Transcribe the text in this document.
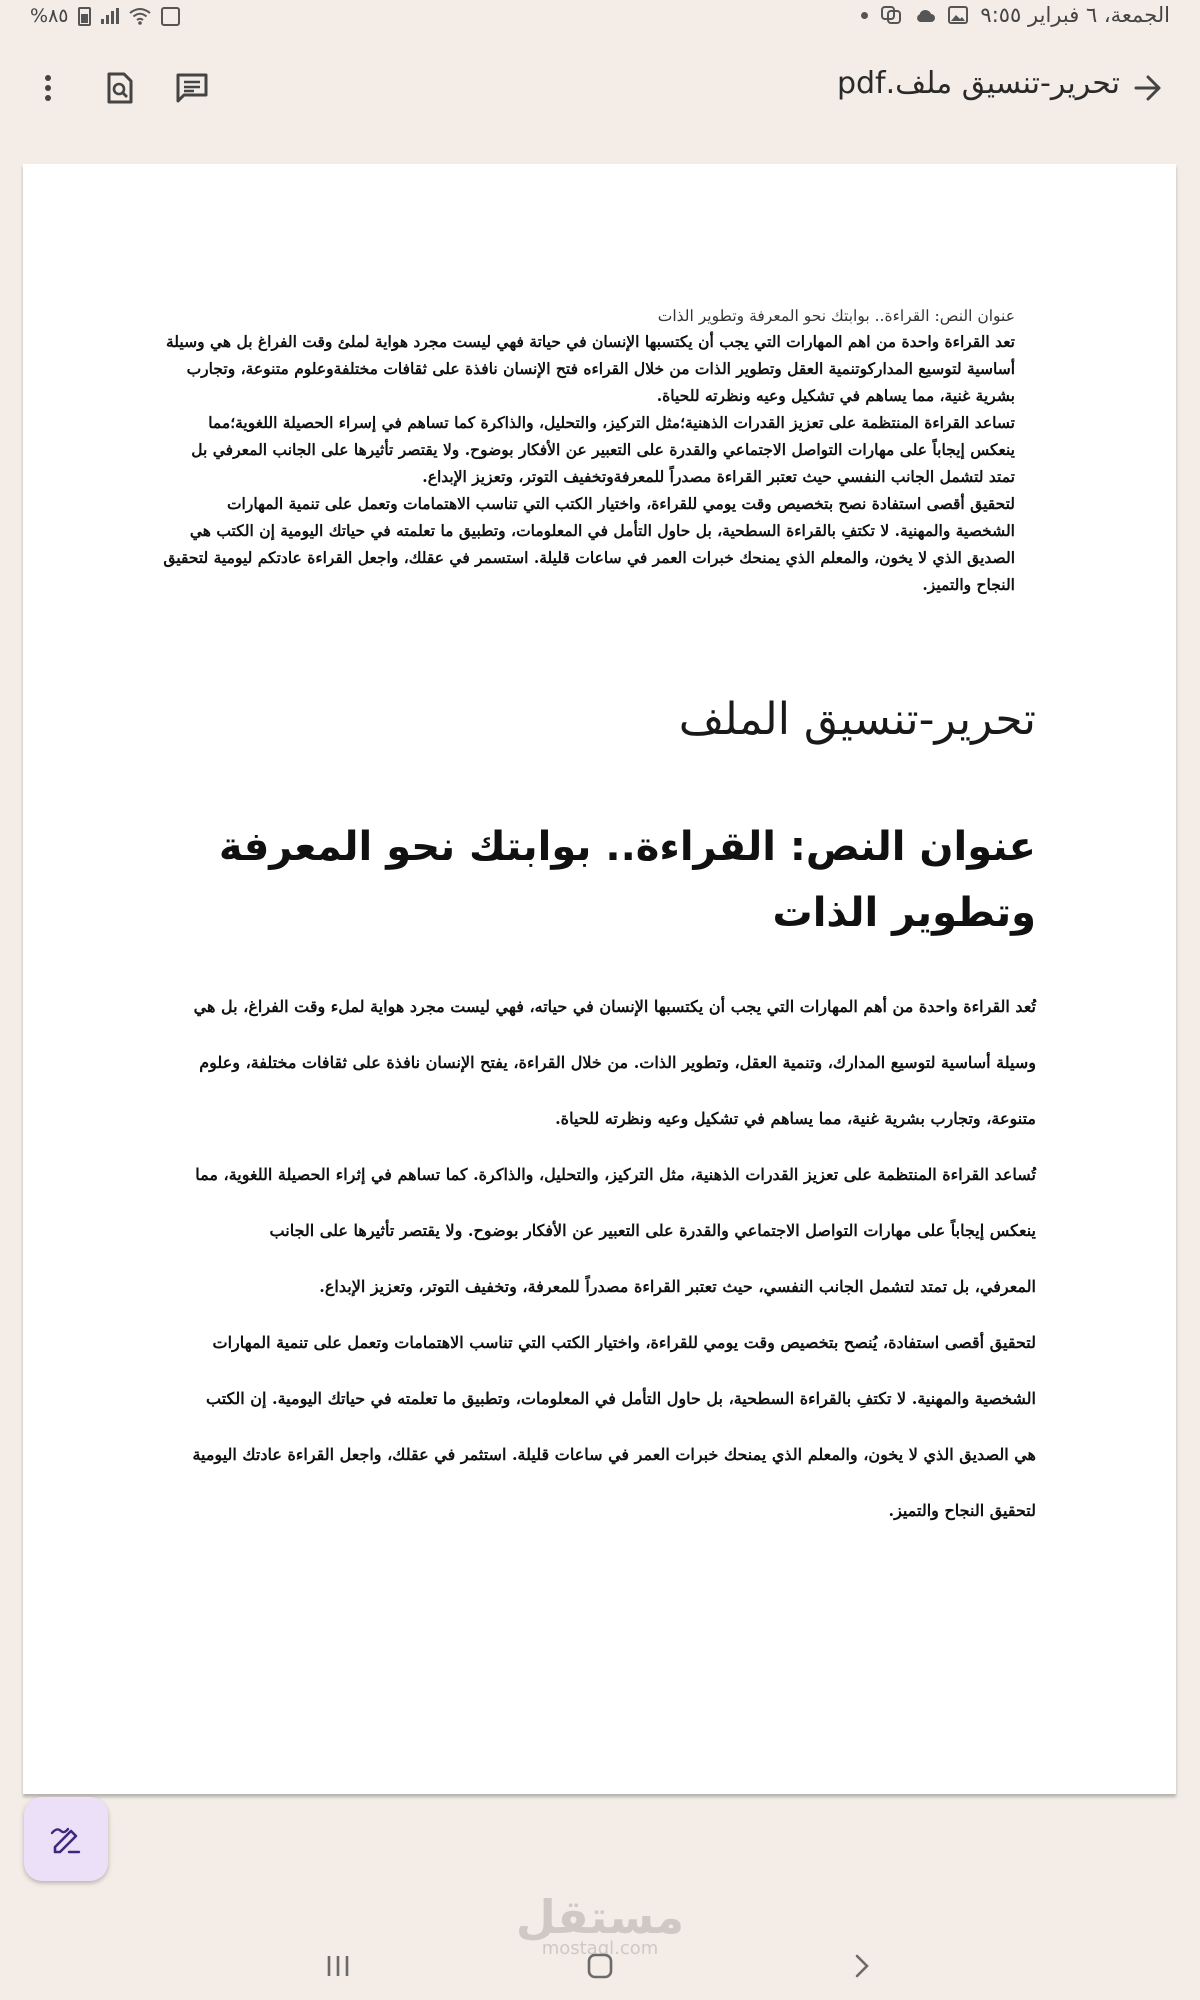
%٨٥	الجمعة، ٦ فبراير ٩:٥٥
تحرير-تنسيق ملف.pdf
عنوان النص: القراءة.. بوابتك نحو المعرفة وتطوير الذات

تعد القراءة واحدة من اهم المهارات التي يجب أن يكتسبها الإنسان في حياتة فهي ليست مجرد هواية لملئ وقت الفراغ بل هي وسيلة أساسية لتوسيع المداركوتنمية العقل وتطوير الذات من خلال القراءه فتح الإنسان نافذة على ثقافات مختلفةوعلوم متنوعة، وتجارب بشرية غنية، مما يساهم في تشكيل وعيه ونظرته للحياة.

تساعد القراءة المنتظمة على تعزيز القدرات الذهنية؛مثل التركيز، والتحليل، والذاكرة كما تساهم في إسراء الحصيلة اللغوية؛مما ينعكس إيجاباً على مهارات التواصل الاجتماعي والقدرة على التعبير عن الأفكار بوضوح. ولا يقتصر تأثيرها على الجانب المعرفي بل تمتد لتشمل الجانب النفسي حيث تعتبر القراءة مصدراً للمعرفةوتخفيف التوتر، وتعزيز الإبداع.

لتحقيق أقصى استفادة نصح بتخصيص وقت يومي للقراءة، واختيار الكتب التي تناسب الاهتمامات وتعمل على تنمية المهارات الشخصية والمهنية. لا تكتفِ بالقراءة السطحية، بل حاول التأمل في المعلومات، وتطبيق ما تعلمته في حياتك اليومية إن الكتب هي الصديق الذي لا يخون، والمعلم الذي يمنحك خبرات العمر في ساعات قليلة. استسمر في عقلك، واجعل القراءة عادتكم ليومية لتحقيق النجاح والتميز.

تحرير-تنسيق الملف
عنوان النص: القراءة.. بوابتك نحو المعرفة وتطوير الذات

تُعد القراءة واحدة من أهم المهارات التي يجب أن يكتسبها الإنسان في حياته، فهي ليست مجرد هواية لملء وقت الفراغ، بل هي

وسيلة أساسية لتوسيع المدارك، وتنمية العقل، وتطوير الذات. من خلال القراءة، يفتح الإنسان نافذة على ثقافات مختلفة، وعلوم

متنوعة، وتجارب بشرية غنية، مما يساهم في تشكيل وعيه ونظرته للحياة.

تُساعد القراءة المنتظمة على تعزيز القدرات الذهنية، مثل التركيز، والتحليل، والذاكرة. كما تساهم في إثراء الحصيلة اللغوية، مما

ينعكس إيجاباً على مهارات التواصل الاجتماعي والقدرة على التعبير عن الأفكار بوضوح. ولا يقتصر تأثيرها على الجانب

المعرفي، بل تمتد لتشمل الجانب النفسي، حيث تعتبر القراءة مصدراً للمعرفة، وتخفيف التوتر، وتعزيز الإبداع.

لتحقيق أقصى استفادة، يُنصح بتخصيص وقت يومي للقراءة، واختيار الكتب التي تناسب الاهتمامات وتعمل على تنمية المهارات

الشخصية والمهنية. لا تكتفِ بالقراءة السطحية، بل حاول التأمل في المعلومات، وتطبيق ما تعلمته في حياتك اليومية. إن الكتب

هي الصديق الذي لا يخون، والمعلم الذي يمنحك خبرات العمر في ساعات قليلة. استثمر في عقلك، واجعل القراءة عادتك اليومية

لتحقيق النجاح والتميز.

مستقل
mostaql.com
